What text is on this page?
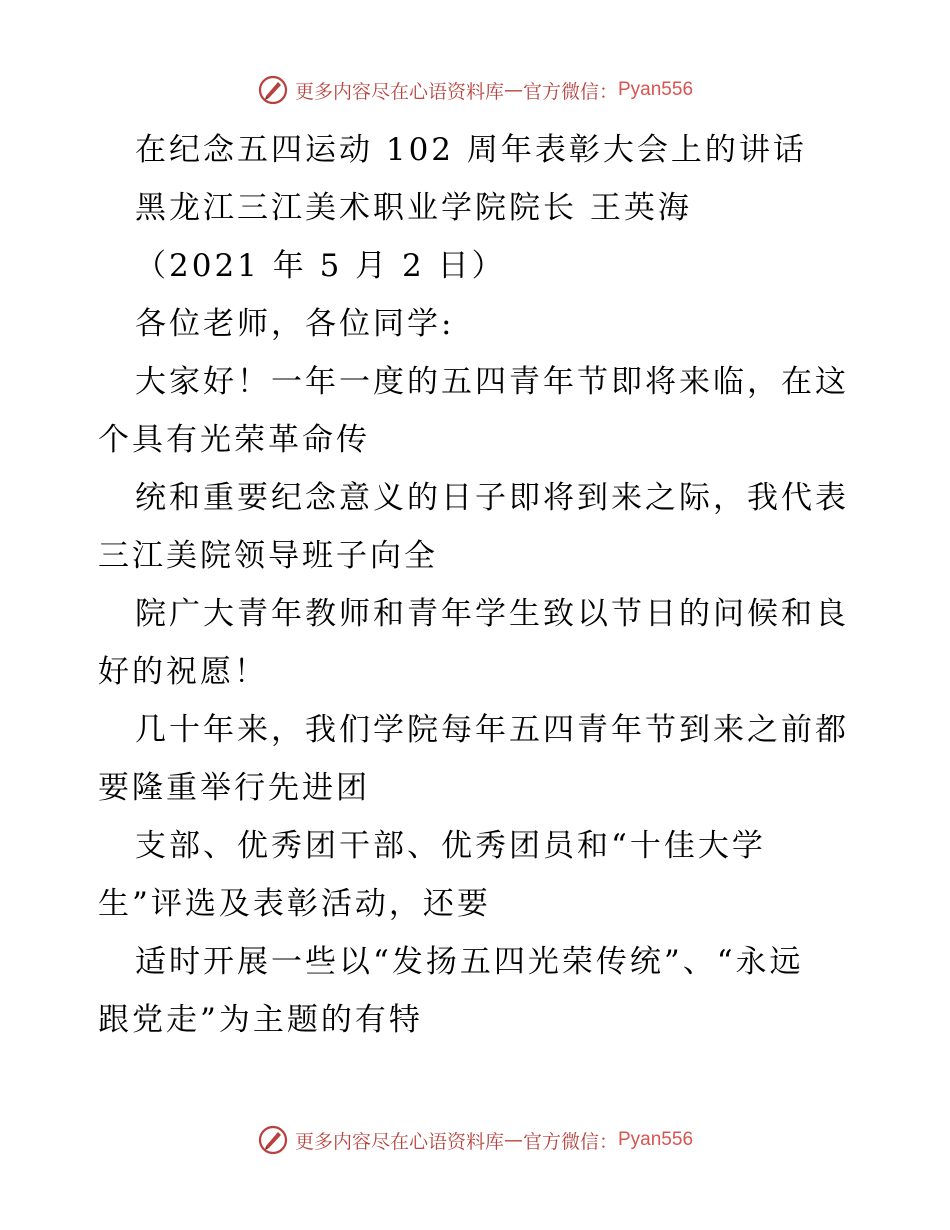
更多内容尽在心语资料库 — 官方微信： Pyan556
在纪念五四运动 102 周年表彰大会上的讲话
黑龙江三江美术职业学院院长 王英海
（2021 年 5 月 2 日）
各位老师，各位同学:
大家好！一年一度的五四青年节即将来临，在这
个具有光荣革命传
统和重要纪念意义的日子即将到来之际，我代表
三江美院领导班子向全
院广大青年教师和青年学生致以节日的问候和良
好的祝愿！
几十年来，我们学院每年五四青年节到来之前都
要隆重举行先进团
支部、优秀团干部、优秀团员和“十佳大学
生”评选及表彰活动，还要
适时开展一些以“发扬五四光荣传统”、“永远
跟党走”为主题的有特
更多内容尽在心语资料库 — 官方微信： Pyan556
